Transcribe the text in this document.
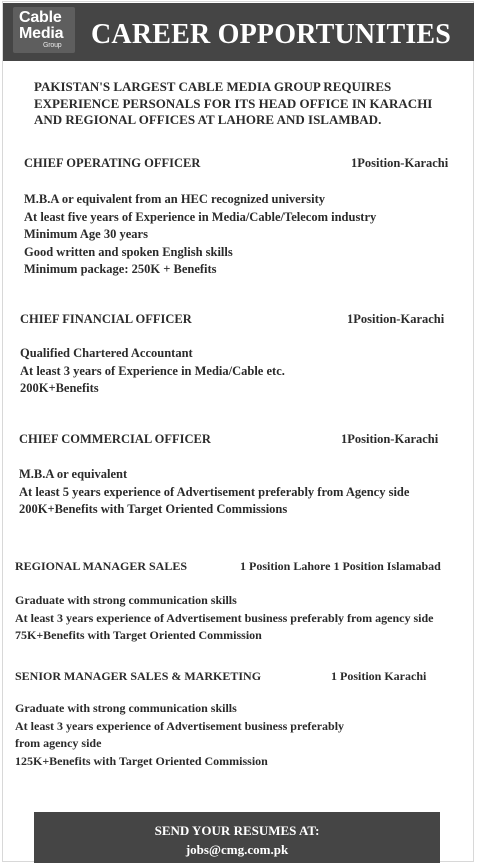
Cable
Media
Group CAREER OPPORTUNITIES
PAKISTAN'S LARGEST CABLE MEDIA GROUP REQUIRES EXPERIENCE PERSONALS FOR ITS HEAD OFFICE IN KARACHI AND REGIONAL OFFICES AT LAHORE AND ISLAMBAD.
CHIEF OPERATING OFFICER	1Position-Karachi
M.B.A or equivalent from an HEC recognized university
At least five years of Experience in Media/Cable/Telecom industry
Minimum Age 30 years
Good written and spoken English skills
Minimum package: 250K + Benefits
CHIEF FINANCIAL OFFICER	1Position-Karachi
Qualified Chartered Accountant
At least 3 years of Experience in Media/Cable etc.
200K+Benefits
CHIEF COMMERCIAL OFFICER	1Position-Karachi
M.B.A or equivalent
At least 5 years experience of Advertisement preferably from Agency side
200K+Benefits with Target Oriented Commissions
REGIONAL MANAGER SALES	1 Position Lahore 1 Position Islamabad
Graduate with strong communication skills
At least 3 years experience of Advertisement business preferably from agency side
75K+Benefits with Target Oriented Commission
SENIOR MANAGER SALES & MARKETING	1 Position Karachi
Graduate with strong communication skills
At least 3 years experience of Advertisement business preferably
from agency side
125K+Benefits with Target Oriented Commission
SEND YOUR RESUMES AT:
jobs@cmg.com.pk
